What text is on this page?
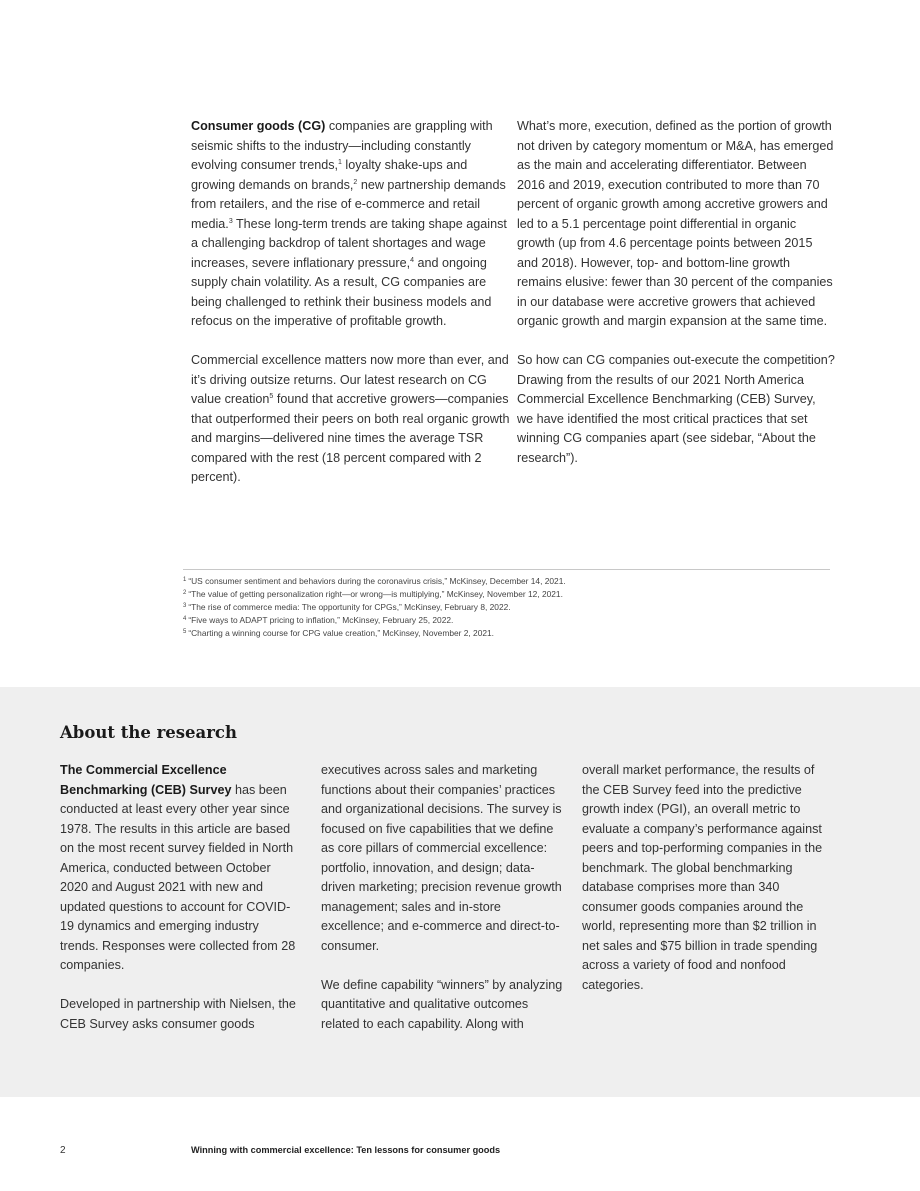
Consumer goods (CG) companies are grappling with seismic shifts to the industry—including constantly evolving consumer trends,$^1$ loyalty shake-ups and growing demands on brands,$^2$ new partnership demands from retailers, and the rise of e-commerce and retail media.$^3$ These long-term trends are taking shape against a challenging backdrop of talent shortages and wage increases, severe inflationary pressure,$^4$ and ongoing supply chain volatility. As a result, CG companies are being challenged to rethink their business models and refocus on the imperative of profitable growth.

Commercial excellence matters now more than ever, and it’s driving outsize returns. Our latest research on CG value creation$^5$ found that accretive growers—companies that outperformed their peers on both real organic growth and margins—delivered nine times the average TSR compared with the rest (18 percent compared with 2 percent).

What’s more, execution, defined as the portion of growth not driven by category momentum or M&A, has emerged as the main and accelerating differentiator. Between 2016 and 2019, execution contributed to more than 70 percent of organic growth among accretive growers and led to a 5.1 percentage point differential in organic growth (up from 4.6 percentage points between 2015 and 2018). However, top- and bottom-line growth remains elusive: fewer than 30 percent of the companies in our database were accretive growers that achieved organic growth and margin expansion at the same time.

So how can CG companies out-execute the competition? Drawing from the results of our 2021 North America Commercial Excellence Benchmarking (CEB) Survey, we have identified the most critical practices that set winning CG companies apart (see sidebar, “About the research”).

$^1$ “US consumer sentiment and behaviors during the coronavirus crisis,” McKinsey, December 14, 2021.
$^2$ “The value of getting personalization right—or wrong—is multiplying,” McKinsey, November 12, 2021.
$^3$ “The rise of commerce media: The opportunity for CPGs,” McKinsey, February 8, 2022.
$^4$ “Five ways to ADAPT pricing to inflation,” McKinsey, February 25, 2022.
$^5$ “Charting a winning course for CPG value creation,” McKinsey, November 2, 2021.
About the research

The Commercial Excellence Benchmarking (CEB) Survey has been conducted at least every other year since 1978. The results in this article are based on the most recent survey fielded in North America, conducted between October 2020 and August 2021 with new and updated questions to account for COVID-19 dynamics and emerging industry trends. Responses were collected from 28 companies.

Developed in partnership with Nielsen, the CEB Survey asks consumer goods

executives across sales and marketing functions about their companies’ practices and organizational decisions. The survey is focused on five capabilities that we define as core pillars of commercial excellence: portfolio, innovation, and design; data-driven marketing; precision revenue growth management; sales and in-store excellence; and e-commerce and direct-to-consumer.

We define capability “winners” by analyzing quantitative and qualitative outcomes related to each capability. Along with

overall market performance, the results of the CEB Survey feed into the predictive growth index (PGI), an overall metric to evaluate a company’s performance against peers and top-performing companies in the benchmark. The global benchmarking database comprises more than 340 consumer goods companies around the world, representing more than $2 trillion in net sales and $75 billion in trade spending across a variety of food and nonfood categories.

2	Winning with commercial excellence: Ten lessons for consumer goods
